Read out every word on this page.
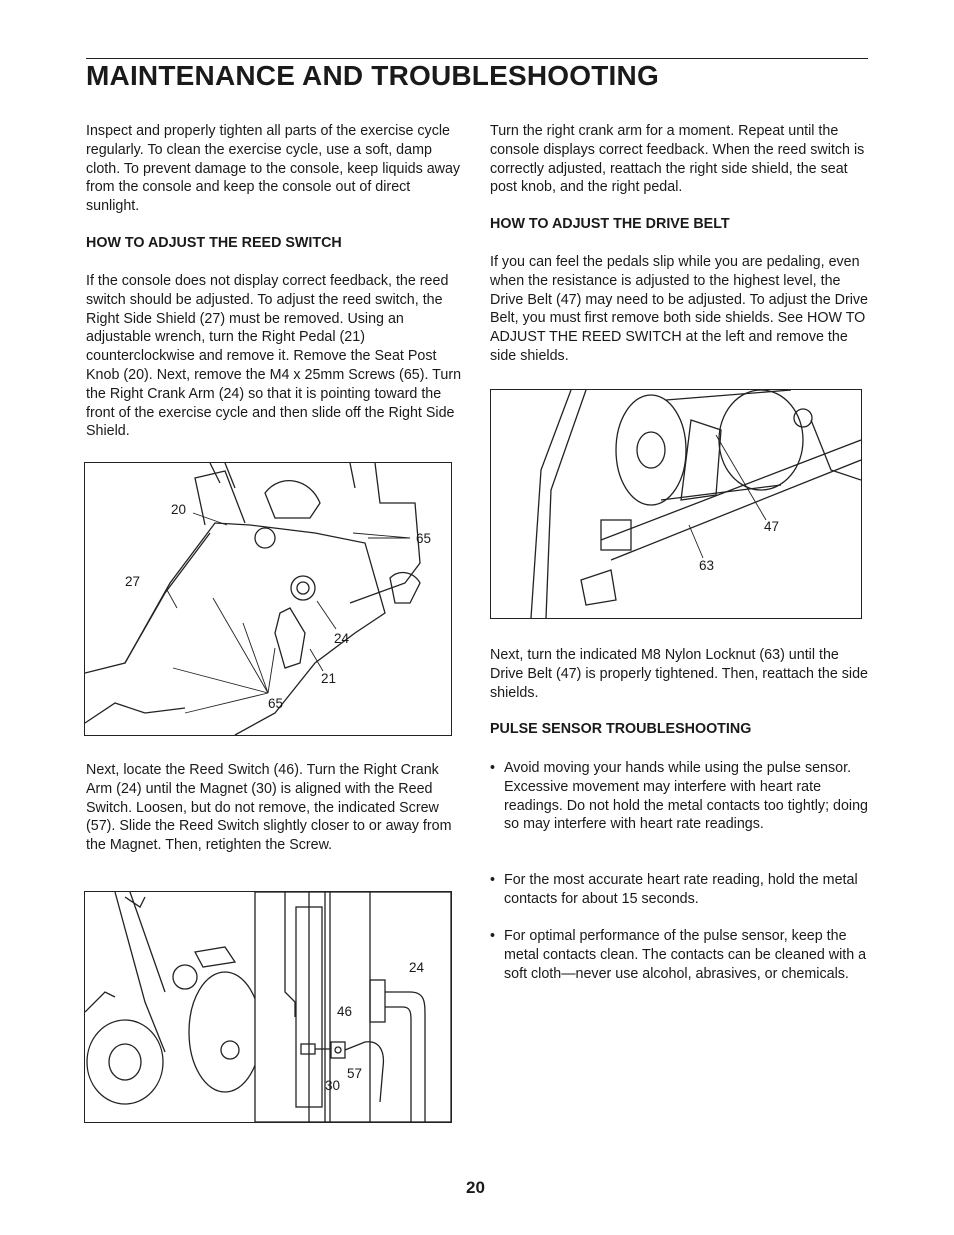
MAINTENANCE AND TROUBLESHOOTING

Inspect and properly tighten all parts of the exercise cycle regularly. To clean the exercise cycle, use a soft, damp cloth. To prevent damage to the console, keep liquids away from the console and keep the console out of direct sunlight.

HOW TO ADJUST THE REED SWITCH

If the console does not display correct feedback, the reed switch should be adjusted. To adjust the reed switch, the Right Side Shield (27) must be removed. Using an adjustable wrench, turn the Right Pedal (21) counterclockwise and remove it. Remove the Seat Post Knob (20). Next, remove the M4 x 25mm Screws (65). Turn the Right Crank Arm (24) so that it is pointing toward the front of the exercise cycle and then slide off the Right Side Shield.

20
65
27
24
21
65

Next, locate the Reed Switch (46). Turn the Right Crank Arm (24) until the Magnet (30) is aligned with the Reed Switch. Loosen, but do not remove, the indicated Screw (57). Slide the Reed Switch slightly closer to or away from the Magnet. Then, retighten the Screw.

24
46
57
30

Turn the right crank arm for a moment. Repeat until the console displays correct feedback. When the reed switch is correctly adjusted, reattach the right side shield, the seat post knob, and the right pedal.

HOW TO ADJUST THE DRIVE BELT

If you can feel the pedals slip while you are pedaling, even when the resistance is adjusted to the highest level, the Drive Belt (47) may need to be adjusted. To adjust the Drive Belt, you must first remove both side shields. See HOW TO ADJUST THE REED SWITCH at the left and remove the side shields.

47
63

Next, turn the indicated M8 Nylon Locknut (63) until the Drive Belt (47) is properly tightened. Then, reattach the side shields.

PULSE SENSOR TROUBLESHOOTING
• Avoid moving your hands while using the pulse sensor. Excessive movement may interfere with heart rate readings. Do not hold the metal contacts too tightly; doing so may interfere with heart rate readings.
• For the most accurate heart rate reading, hold the metal contacts for about 15 seconds.
• For optimal performance of the pulse sensor, keep the metal contacts clean. The contacts can be cleaned with a soft cloth—never use alcohol, abrasives, or chemicals.
20
